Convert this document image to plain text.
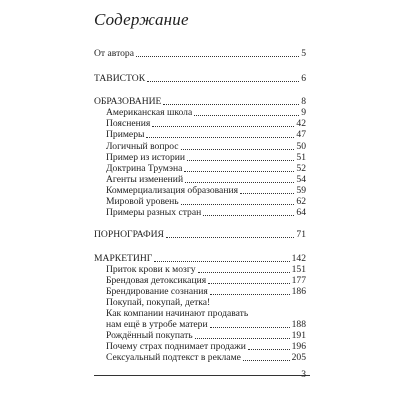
Содержание
От автора	5
ТАВИСТОК	6
ОБРАЗОВАНИЕ	8
Американская школа	9
Пояснения	42
Примеры	47
Логичный вопрос	50
Пример из истории	51
Доктрина Трумэна	52
Агенты изменений	54
Коммерциализация образования	59
Мировой уровень	62
Примеры разных стран	64
ПОРНОГРАФИЯ	71
МАРКЕТИНГ	142
Приток крови к мозгу	151
Брендовая детоксикация	177
Брендирование сознания	186
Покупай, покупай, детка!
Как компании начинают продавать
нам ещё в утробе матери	188
Рождённый покупать	191
Почему страх поднимает продажи	196
Сексуальный подтекст в рекламе	205
3
